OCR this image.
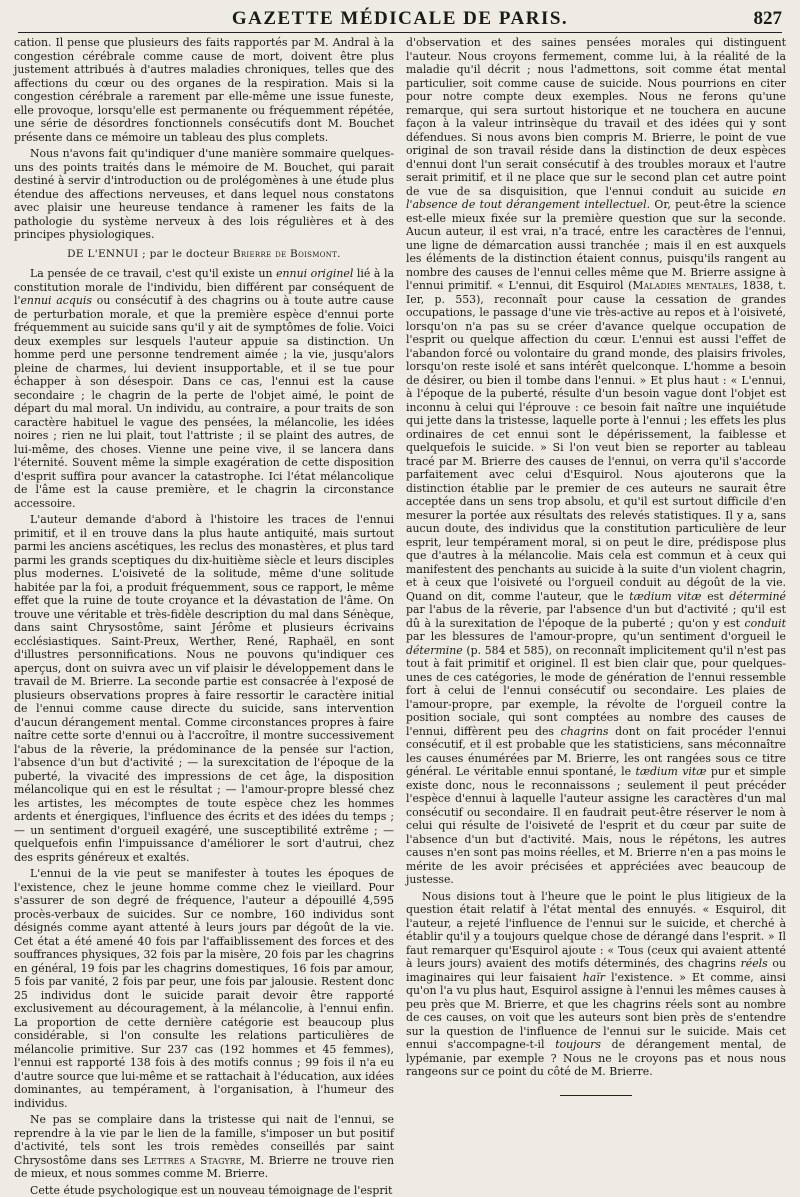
GAZETTE MÉDICALE DE PARIS.	827

cation. Il pense que plusieurs des faits rapportés par M. Andral à la congestion cérébrale comme cause de mort, doivent être plus justement attribués à d'autres maladies chroniques, telles que des affections du cœur ou des organes de la respiration. Mais si la congestion cérébrale a rarement par elle-même une issue funeste, elle provoque, lorsqu'elle est permanente ou fréquemment répétée, une série de désordres fonctionnels consécutifs dont M. Bouchet présente dans ce mémoire un tableau des plus complets.

Nous n'avons fait qu'indiquer d'une manière sommaire quelques-uns des points traités dans le mémoire de M. Bouchet, qui parait destiné à servir d'introduction ou de prolégomènes à une étude plus étendue des affections nerveuses, et dans lequel nous constatons avec plaisir une heureuse tendance à ramener les faits de la pathologie du système nerveux à des lois régulières et à des principes physiologiques.

DE L'ENNUI ; par le docteur Brierre de Boismont.

La pensée de ce travail, c'est qu'il existe un ennui originel lié à la constitution morale de l'individu, bien différent par conséquent de l'ennui acquis ou consécutif à des chagrins ou à toute autre cause de perturbation morale, et que la première espèce d'ennui porte fréquemment au suicide sans qu'il y ait de symptômes de folie. Voici deux exemples sur lesquels l'auteur appuie sa distinction. Un homme perd une personne tendrement aimée ; la vie, jusqu'alors pleine de charmes, lui devient insupportable, et il se tue pour échapper à son désespoir. Dans ce cas, l'ennui est la cause secondaire ; le chagrin de la perte de l'objet aimé, le point de départ du mal moral. Un individu, au contraire, a pour traits de son caractère habituel le vague des pensées, la mélancolie, les idées noires ; rien ne lui plait, tout l'attriste ; il se plaint des autres, de lui-même, des choses. Vienne une peine vive, il se lancera dans l'éternité. Souvent même la simple exagération de cette disposition d'esprit suffira pour avancer la catastrophe. Ici l'état mélancolique de l'âme est la cause première, et le chagrin la circonstance accessoire.

L'auteur demande d'abord à l'histoire les traces de l'ennui primitif, et il en trouve dans la plus haute antiquité, mais surtout parmi les anciens ascétiques, les reclus des monastères, et plus tard parmi les grands sceptiques du dix-huitième siècle et leurs disciples plus modernes. L'oisiveté de la solitude, même d'une solitude habitée par la foi, a produit fréquemment, sous ce rapport, le même effet que la ruine de toute croyance et la dévastation de l'âme. On trouve une véritable et très-fidèle description du mal dans Sénèque, dans saint Chrysostôme, saint Jérôme et plusieurs écrivains ecclésiastiques. Saint-Preux, Werther, René, Raphaël, en sont d'illustres personnifications. Nous ne pouvons qu'indiquer ces aperçus, dont on suivra avec un vif plaisir le développement dans le travail de M. Brierre. La seconde partie est consacrée à l'exposé de plusieurs observations propres à faire ressortir le caractère initial de l'ennui comme cause directe du suicide, sans intervention d'aucun dérangement mental. Comme circonstances propres à faire naître cette sorte d'ennui ou à l'accroître, il montre successivement l'abus de la rêverie, la prédominance de la pensée sur l'action, l'absence d'un but d'activité ; — la surexcitation de l'époque de la puberté, la vivacité des impressions de cet âge, la disposition mélancolique qui en est le résultat ; — l'amour-propre blessé chez les artistes, les mécomptes de toute espèce chez les hommes ardents et énergiques, l'influence des écrits et des idées du temps ; — un sentiment d'orgueil exagéré, une susceptibilité extrême ; — quelquefois enfin l'impuissance d'améliorer le sort d'autrui, chez des esprits généreux et exaltés.

L'ennui de la vie peut se manifester à toutes les époques de l'existence, chez le jeune homme comme chez le vieillard. Pour s'assurer de son degré de fréquence, l'auteur a dépouillé 4,595 procès-verbaux de suicides. Sur ce nombre, 160 individus sont désignés comme ayant attenté à leurs jours par dégoût de la vie. Cet état a été amené 40 fois par l'affaiblissement des forces et des souffrances physiques, 32 fois par la misère, 20 fois par les chagrins en général, 19 fois par les chagrins domestiques, 16 fois par amour, 5 fois par vanité, 2 fois par peur, une fois par jalousie. Restent donc 25 individus dont le suicide parait devoir être rapporté exclusivement au découragement, à la mélancolie, à l'ennui enfin. La proportion de cette dernière catégorie est beaucoup plus considérable, si l'on consulte les relations particulières de mélancolie primitive. Sur 237 cas (192 hommes et 45 femmes), l'ennui est rapporté 138 fois à des motifs connus ; 99 fois il n'a eu d'autre source que lui-même et se rattachait à l'éducation, aux idées dominantes, au tempérament, à l'organisation, à l'humeur des individus.

Ne pas se complaire dans la tristesse qui nait de l'ennui, se reprendre à la vie par le lien de la famille, s'imposer un but positif d'activité, tels sont les trois remèdes conseillés par saint Chrysostôme dans ses Lettres a Stagyre, M. Brierre ne trouve rien de mieux, et nous sommes comme M. Brierre.

Cette étude psychologique est un nouveau témoignage de l'esprit

d'observation et des saines pensées morales qui distinguent l'auteur. Nous croyons fermement, comme lui, à la réalité de la maladie qu'il décrit ; nous l'admettons, soit comme état mental particulier, soit comme cause de suicide. Nous pourrions en citer pour notre compte deux exemples. Nous ne ferons qu'une remarque, qui sera surtout historique et ne touchera en aucune façon à la valeur intrinsèque du travail et des idées qui y sont défendues. Si nous avons bien compris M. Brierre, le point de vue original de son travail réside dans la distinction de deux espèces d'ennui dont l'un serait consécutif à des troubles moraux et l'autre serait primitif, et il ne place que sur le second plan cet autre point de vue de sa disquisition, que l'ennui conduit au suicide en l'absence de tout dérangement intellectuel. Or, peut-être la science est-elle mieux fixée sur la première question que sur la seconde. Aucun auteur, il est vrai, n'a tracé, entre les caractères de l'ennui, une ligne de démarcation aussi tranchée ; mais il en est auxquels les éléments de la distinction étaient connus, puisqu'ils rangent au nombre des causes de l'ennui celles même que M. Brierre assigne à l'ennui primitif. « L'ennui, dit Esquirol (Maladies mentales, 1838, t. Ier, p. 553), reconnaît pour cause la cessation de grandes occupations, le passage d'une vie très-active au repos et à l'oisiveté, lorsqu'on n'a pas su se créer d'avance quelque occupation de l'esprit ou quelque affection du cœur. L'ennui est aussi l'effet de l'abandon forcé ou volontaire du grand monde, des plaisirs frivoles, lorsqu'on reste isolé et sans intérêt quelconque. L'homme a besoin de désirer, ou bien il tombe dans l'ennui. » Et plus haut : « L'ennui, à l'époque de la puberté, résulte d'un besoin vague dont l'objet est inconnu à celui qui l'éprouve : ce besoin fait naître une inquiétude qui jette dans la tristesse, laquelle porte à l'ennui ; les effets les plus ordinaires de cet ennui sont le dépérissement, la faiblesse et quelquefois le suicide. » Si l'on veut bien se reporter au tableau tracé par M. Brierre des causes de l'ennui, on verra qu'il s'accorde parfaitement avec celui d'Esquirol. Nous ajouterons que la distinction établie par le premier de ces auteurs ne saurait être acceptée dans un sens trop absolu, et qu'il est surtout difficile d'en mesurer la portée aux résultats des relevés statistiques. Il y a, sans aucun doute, des individus que la constitution particulière de leur esprit, leur tempérament moral, si on peut le dire, prédispose plus que d'autres à la mélancolie. Mais cela est commun et à ceux qui manifestent des penchants au suicide à la suite d'un violent chagrin, et à ceux que l'oisiveté ou l'orgueil conduit au dégoût de la vie. Quand on dit, comme l'auteur, que le tædium vitæ est déterminé par l'abus de la rêverie, par l'absence d'un but d'activité ; qu'il est dû à la surexitation de l'époque de la puberté ; qu'on y est conduit par les blessures de l'amour-propre, qu'un sentiment d'orgueil le détermine (p. 584 et 585), on reconnaît implicitement qu'il n'est pas tout à fait primitif et originel. Il est bien clair que, pour quelques-unes de ces catégories, le mode de génération de l'ennui ressemble fort à celui de l'ennui consécutif ou secondaire. Les plaies de l'amour-propre, par exemple, la révolte de l'orgueil contre la position sociale, qui sont comptées au nombre des causes de l'ennui, diffèrent peu des chagrins dont on fait procéder l'ennui consécutif, et il est probable que les statisticiens, sans méconnaître les causes énumérées par M. Brierre, les ont rangées sous ce titre général. Le véritable ennui spontané, le tædium vitæ pur et simple existe donc, nous le reconnaissons ; seulement il peut précéder l'espèce d'ennui à laquelle l'auteur assigne les caractères d'un mal consécutif ou secondaire. Il en faudrait peut-être réserver le nom à celui qui résulte de l'oisiveté de l'esprit et du cœur par suite de l'absence d'un but d'activité. Mais, nous le répétons, les autres causes n'en sont pas moins réelles, et M. Brierre n'en a pas moins le mérite de les avoir précisées et appréciées avec beaucoup de justesse.

Nous disions tout à l'heure que le point le plus litigieux de la question était relatif à l'état mental des ennuyés. « Esquirol, dit l'auteur, a rejeté l'influence de l'ennui sur le suicide, et cherché à établir qu'il y a toujours quelque chose de dérangé dans l'esprit. » Il faut remarquer qu'Esquirol ajoute : « Tous (ceux qui avaient attenté à leurs jours) avaient des motifs déterminés, des chagrins réels ou imaginaires qui leur faisaient haïr l'existence. » Et comme, ainsi qu'on l'a vu plus haut, Esquirol assigne à l'ennui les mêmes causes à peu près que M. Brierre, et que les chagrins réels sont au nombre de ces causes, on voit que les auteurs sont bien près de s'entendre sur la question de l'influence de l'ennui sur le suicide. Mais cet ennui s'accompagne-t-il toujours de dérangement mental, de lypémanie, par exemple ? Nous ne le croyons pas et nous nous rangeons sur ce point du côté de M. Brierre.
